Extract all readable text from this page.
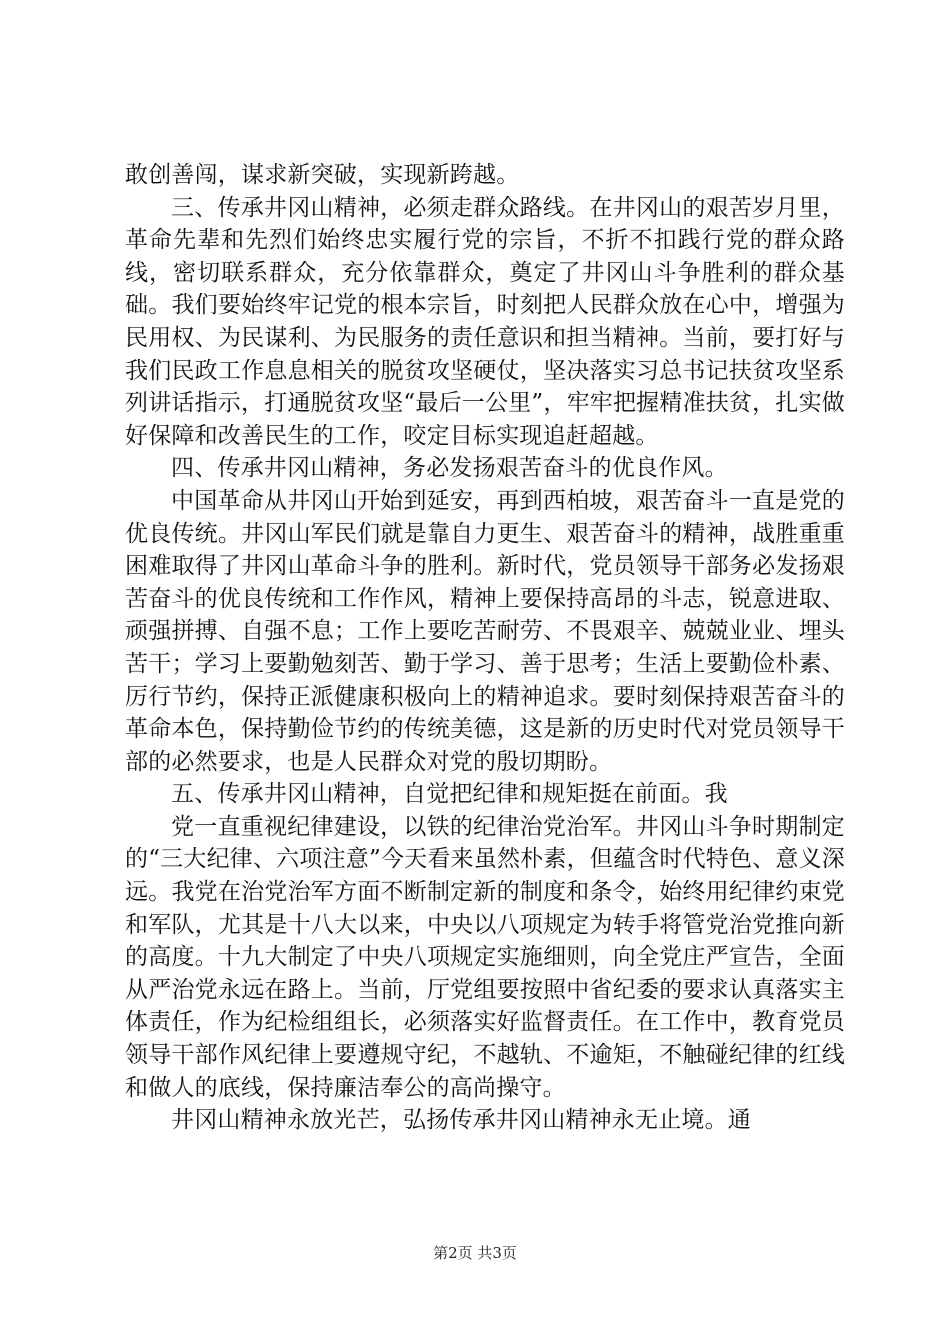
敢创善闯，谋求新突破，实现新跨越。

三、传承井冈山精神，必须走群众路线。在井冈山的艰苦岁月里，革命先辈和先烈们始终忠实履行党的宗旨，不折不扣践行党的群众路线，密切联系群众，充分依靠群众，奠定了井冈山斗争胜利的群众基础。我们要始终牢记党的根本宗旨，时刻把人民群众放在心中，增强为民用权、为民谋利、为民服务的责任意识和担当精神。当前，要打好与我们民政工作息息相关的脱贫攻坚硬仗，坚决落实习总书记扶贫攻坚系列讲话指示，打通脱贫攻坚“最后一公里”，牢牢把握精准扶贫，扎实做好保障和改善民生的工作，咬定目标实现追赶超越。

四、传承井冈山精神，务必发扬艰苦奋斗的优良作风。

中国革命从井冈山开始到延安，再到西柏坡，艰苦奋斗一直是党的优良传统。井冈山军民们就是靠自力更生、艰苦奋斗的精神，战胜重重困难取得了井冈山革命斗争的胜利。新时代，党员领导干部务必发扬艰苦奋斗的优良传统和工作作风，精神上要保持高昂的斗志，锐意进取、顽强拼搏、自强不息；工作上要吃苦耐劳、不畏艰辛、兢兢业业、埋头苦干；学习上要勤勉刻苦、勤于学习、善于思考；生活上要勤俭朴素、厉行节约，保持正派健康积极向上的精神追求。要时刻保持艰苦奋斗的革命本色，保持勤俭节约的传统美德，这是新的历史时代对党员领导干部的必然要求，也是人民群众对党的殷切期盼。

五、传承井冈山精神，自觉把纪律和规矩挺在前面。我

党一直重视纪律建设，以铁的纪律治党治军。井冈山斗争时期制定的“三大纪律、六项注意”今天看来虽然朴素，但蕴含时代特色、意义深远。我党在治党治军方面不断制定新的制度和条令，始终用纪律约束党和军队，尤其是十八大以来，中央以八项规定为转手将管党治党推向新的高度。十九大制定了中央八项规定实施细则，向全党庄严宣告，全面从严治党永远在路上。当前，厅党组要按照中省纪委的要求认真落实主体责任，作为纪检组组长，必须落实好监督责任。在工作中，教育党员领导干部作风纪律上要遵规守纪，不越轨、不逾矩，不触碰纪律的红线和做人的底线，保持廉洁奉公的高尚操守。

井冈山精神永放光芒，弘扬传承井冈山精神永无止境。通

第2页 共3页
